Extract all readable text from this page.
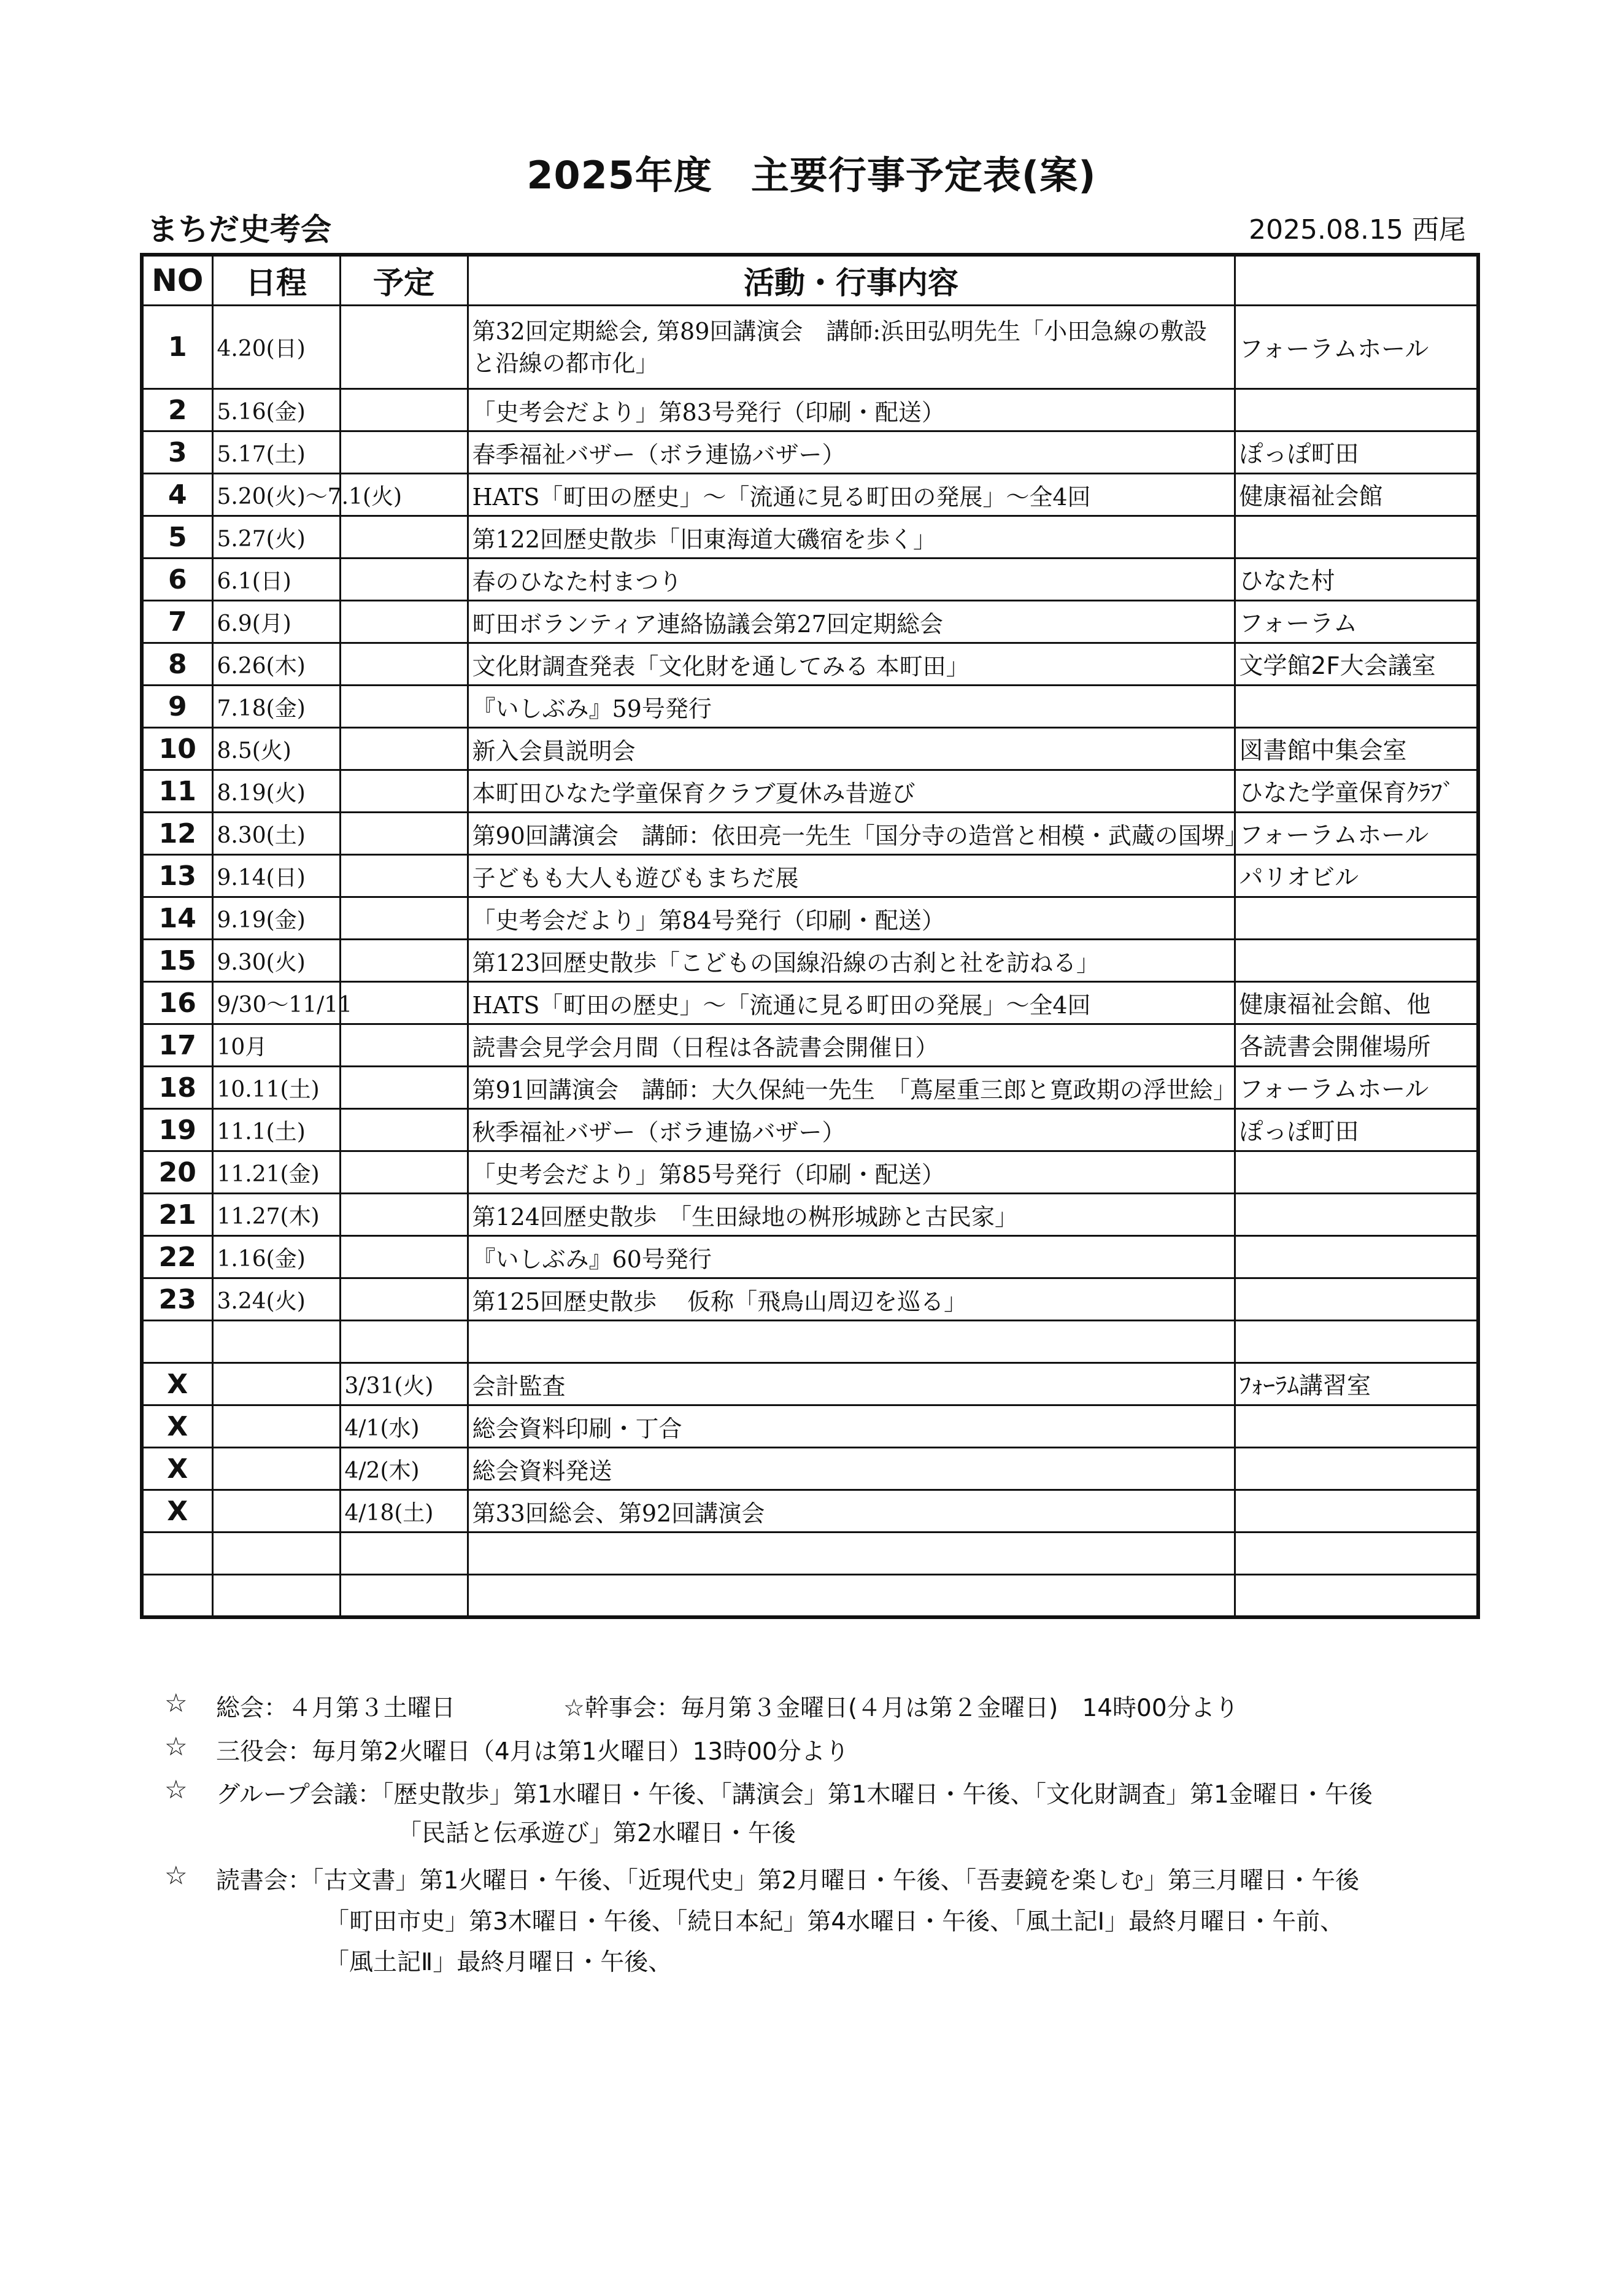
2025年度　主要行事予定表(案)
まちだ史考会	2025.08.15 西尾
NO	日程	予定	活動・行事内容	
1	4.20(日)		第32回定期総会, 第89回講演会　講師:浜田弘明先生「小田急線の敷設と沿線の都市化」	フォーラムホール
2	5.16(金)		「史考会だより」第83号発行（印刷・配送）	
3	5.17(土)		春季福祉バザー（ボラ連協バザー）	ぽっぽ町田
4	5.20(火)～7.1(火)		HATS「町田の歴史」～「流通に見る町田の発展」～全4回	健康福祉会館
5	5.27(火)		第122回歴史散歩「旧東海道大磯宿を歩く」	
6	6.1(日)		春のひなた村まつり	ひなた村
7	6.9(月)		町田ボランティア連絡協議会第27回定期総会	フォーラム
8	6.26(木)		文化財調査発表「文化財を通してみる 本町田」	文学館2F大会議室
9	7.18(金)		『いしぶみ』59号発行	
10	8.5(火)		新入会員説明会	図書館中集会室
11	8.19(火)		本町田ひなた学童保育クラブ夏休み昔遊び	ひなた学童保育ｸﾗﾌﾞ
12	8.30(土)		第90回講演会　講師：依田亮一先生「国分寺の造営と相模・武蔵の国堺」	フォーラムホール
13	9.14(日)		子どもも大人も遊びもまちだ展	パリオビル
14	9.19(金)		「史考会だより」第84号発行（印刷・配送）	
15	9.30(火)		第123回歴史散歩「こどもの国線沿線の古刹と社を訪ねる」	
16	9/30～11/11		HATS「町田の歴史」～「流通に見る町田の発展」～全4回	健康福祉会館、他
17	10月		読書会見学会月間（日程は各読書会開催日）	各読書会開催場所
18	10.11(土)		第91回講演会　講師：大久保純一先生　「蔦屋重三郎と寛政期の浮世絵」	フォーラムホール
19	11.1(土)		秋季福祉バザー（ボラ連協バザー）	ぽっぽ町田
20	11.21(金)		「史考会だより」第85号発行（印刷・配送）	
21	11.27(木)		第124回歴史散歩　「生田緑地の桝形城跡と古民家」	
22	1.16(金)		『いしぶみ』60号発行	
23	3.24(火)		第125回歴史散歩　 仮称「飛鳥山周辺を巡る」	

X		3/31(火)	会計監査	ﾌｫｰﾗﾑ講習室
X		4/1(水)	総会資料印刷・丁合	
X		4/2(木)	総会資料発送	
X		4/18(土)	第33回総会、第92回講演会	

☆ 総会：４月第３土曜日	☆幹事会：毎月第３金曜日(４月は第２金曜日)　14時00分より
☆ 三役会：毎月第2火曜日（4月は第1火曜日）13時00分より
☆ グループ会議：「歴史散歩」第1水曜日・午後、「講演会」第1木曜日・午後、「文化財調査」第1金曜日・午後
「民話と伝承遊び」第2水曜日・午後
☆ 読書会：「古文書」第1火曜日・午後、「近現代史」第2月曜日・午後、「吾妻鏡を楽しむ」第三月曜日・午後
「町田市史」第3木曜日・午後、「続日本紀」第4水曜日・午後、「風土記Ⅰ」最終月曜日・午前、
「風土記Ⅱ」最終月曜日・午後、
